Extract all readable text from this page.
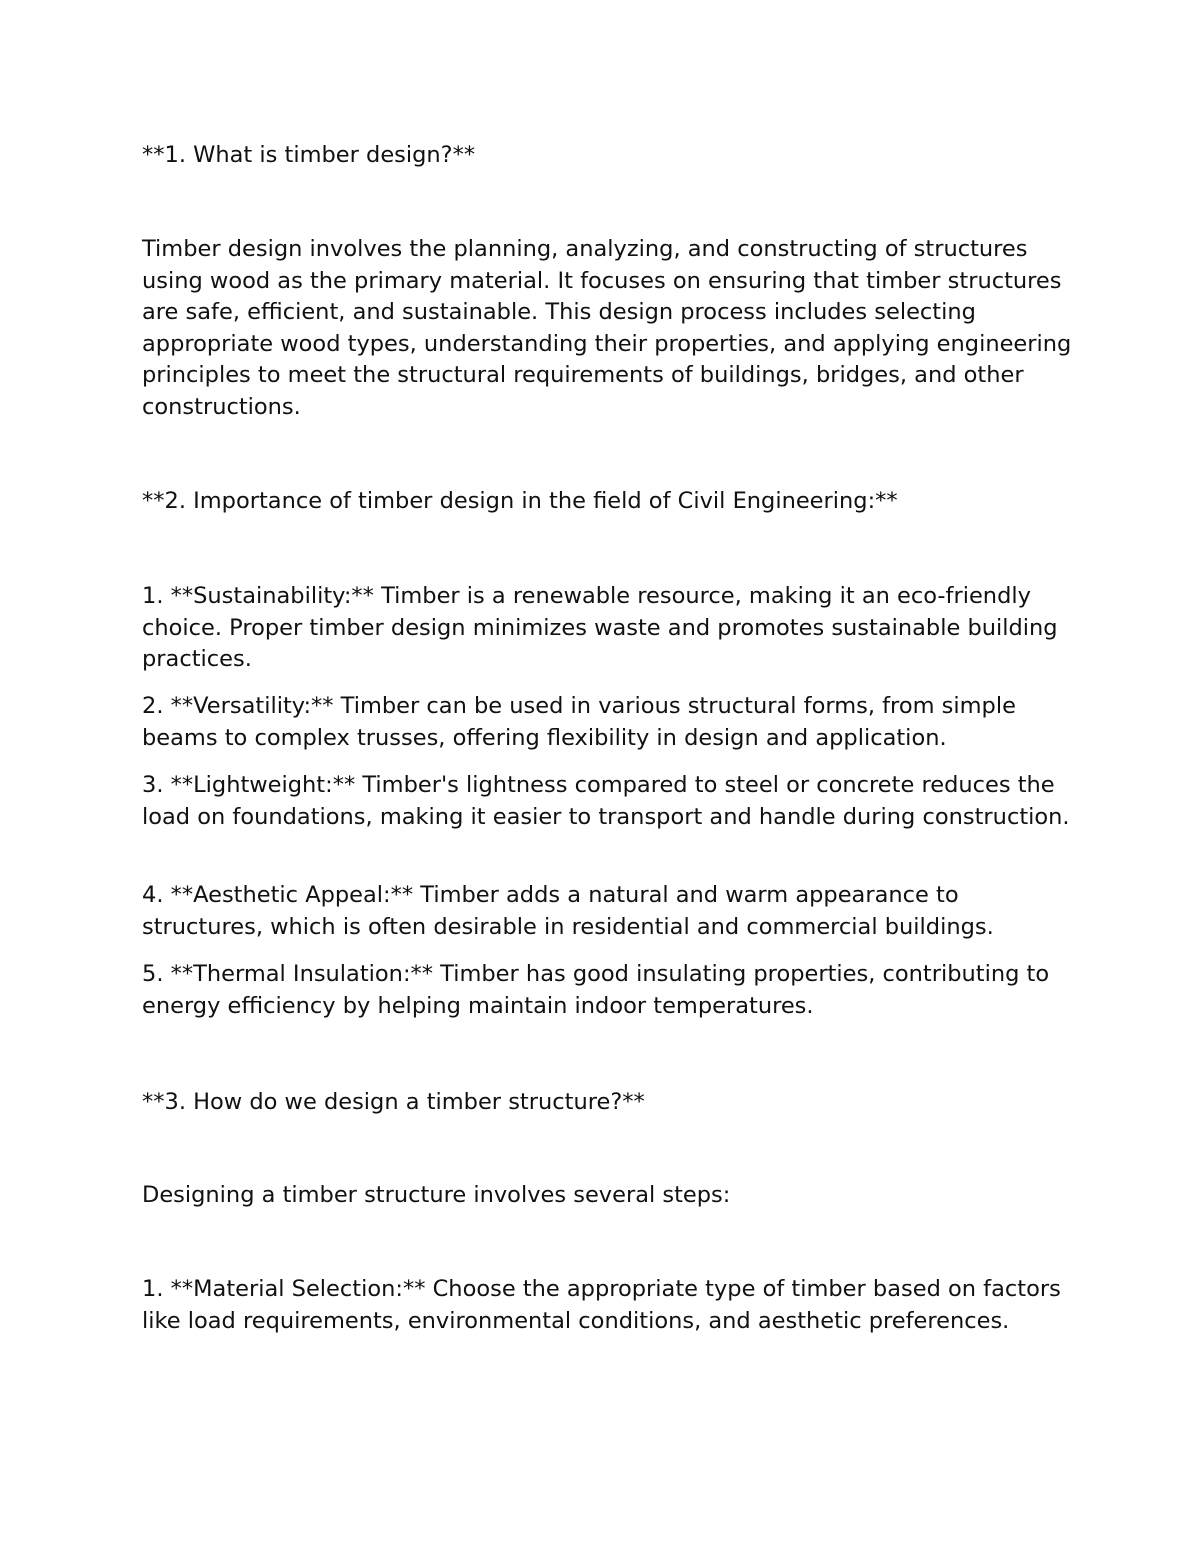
**1. What is timber design?**

Timber design involves the planning, analyzing, and constructing of structures using wood as the primary material. It focuses on ensuring that timber structures are safe, efficient, and sustainable. This design process includes selecting appropriate wood types, understanding their properties, and applying engineering principles to meet the structural requirements of buildings, bridges, and other constructions.

**2. Importance of timber design in the field of Civil Engineering:**

1. **Sustainability:** Timber is a renewable resource, making it an eco-friendly choice. Proper timber design minimizes waste and promotes sustainable building practices.

2. **Versatility:** Timber can be used in various structural forms, from simple beams to complex trusses, offering flexibility in design and application.

3. **Lightweight:** Timber's lightness compared to steel or concrete reduces the load on foundations, making it easier to transport and handle during construction.

4. **Aesthetic Appeal:** Timber adds a natural and warm appearance to structures, which is often desirable in residential and commercial buildings.

5. **Thermal Insulation:** Timber has good insulating properties, contributing to energy efficiency by helping maintain indoor temperatures.

**3. How do we design a timber structure?**

Designing a timber structure involves several steps:

1. **Material Selection:** Choose the appropriate type of timber based on factors like load requirements, environmental conditions, and aesthetic preferences.
